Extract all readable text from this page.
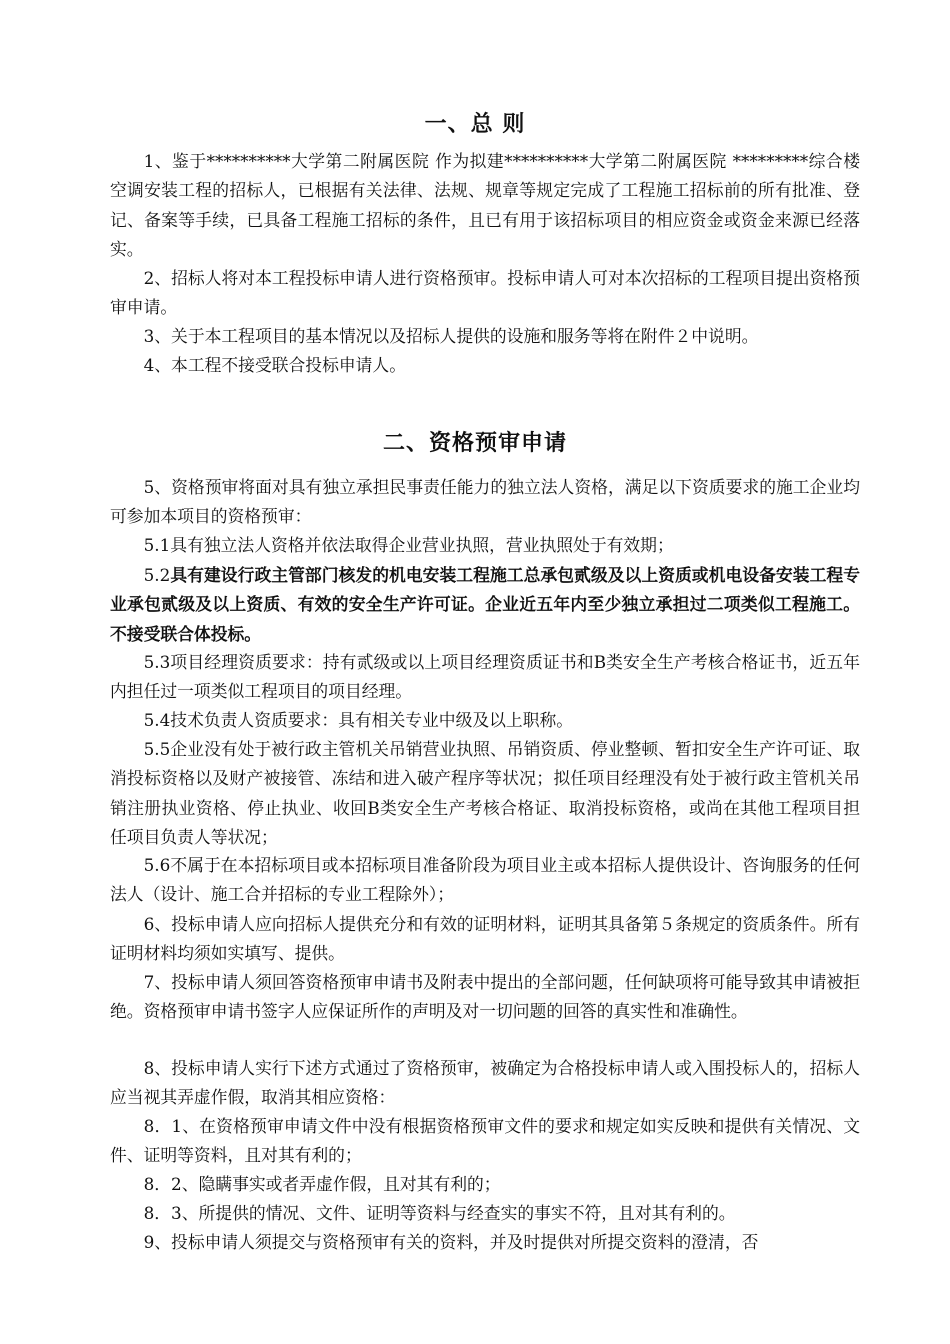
一、总 则

1、鉴于**********大学第二附属医院 作为拟建**********大学第二附属医院 *********综合楼空调安装工程的招标人，已根据有关法律、法规、规章等规定完成了工程施工招标前的所有批准、登记、备案等手续，已具备工程施工招标的条件，且已有用于该招标项目的相应资金或资金来源已经落实。

2、招标人将对本工程投标申请人进行资格预审。投标申请人可对本次招标的工程项目提出资格预审申请。

3、关于本工程项目的基本情况以及招标人提供的设施和服务等将在附件２中说明。

4、本工程不接受联合投标申请人。

二、资格预审申请

5、资格预审将面对具有独立承担民事责任能力的独立法人资格，满足以下资质要求的施工企业均可参加本项目的资格预审：

5.1具有独立法人资格并依法取得企业营业执照，营业执照处于有效期；

5.2具有建设行政主管部门核发的机电安装工程施工总承包贰级及以上资质或机电设备安装工程专业承包贰级及以上资质、有效的安全生产许可证。企业近五年内至少独立承担过二项类似工程施工。不接受联合体投标。

5.3项目经理资质要求：持有贰级或以上项目经理资质证书和B类安全生产考核合格证书，近五年内担任过一项类似工程项目的项目经理。

5.4技术负责人资质要求：具有相关专业中级及以上职称。

5.5企业没有处于被行政主管机关吊销营业执照、吊销资质、停业整顿、暂扣安全生产许可证、取消投标资格以及财产被接管、冻结和进入破产程序等状况；拟任项目经理没有处于被行政主管机关吊销注册执业资格、停止执业、收回B类安全生产考核合格证、取消投标资格，或尚在其他工程项目担任项目负责人等状况；

5.6不属于在本招标项目或本招标项目准备阶段为项目业主或本招标人提供设计、咨询服务的任何法人（设计、施工合并招标的专业工程除外）；

6、投标申请人应向招标人提供充分和有效的证明材料，证明其具备第５条规定的资质条件。所有证明材料均须如实填写、提供。

7、投标申请人须回答资格预审申请书及附表中提出的全部问题，任何缺项将可能导致其申请被拒绝。资格预审申请书签字人应保证所作的声明及对一切问题的回答的真实性和准确性。

8、投标申请人实行下述方式通过了资格预审，被确定为合格投标申请人或入围投标人的，招标人应当视其弄虚作假，取消其相应资格：

8．1、在资格预审申请文件中没有根据资格预审文件的要求和规定如实反映和提供有关情况、文件、证明等资料，且对其有利的；

8．2、隐瞒事实或者弄虚作假，且对其有利的；

8．3、所提供的情况、文件、证明等资料与经查实的事实不符，且对其有利的。

9、投标申请人须提交与资格预审有关的资料，并及时提供对所提交资料的澄清，否
